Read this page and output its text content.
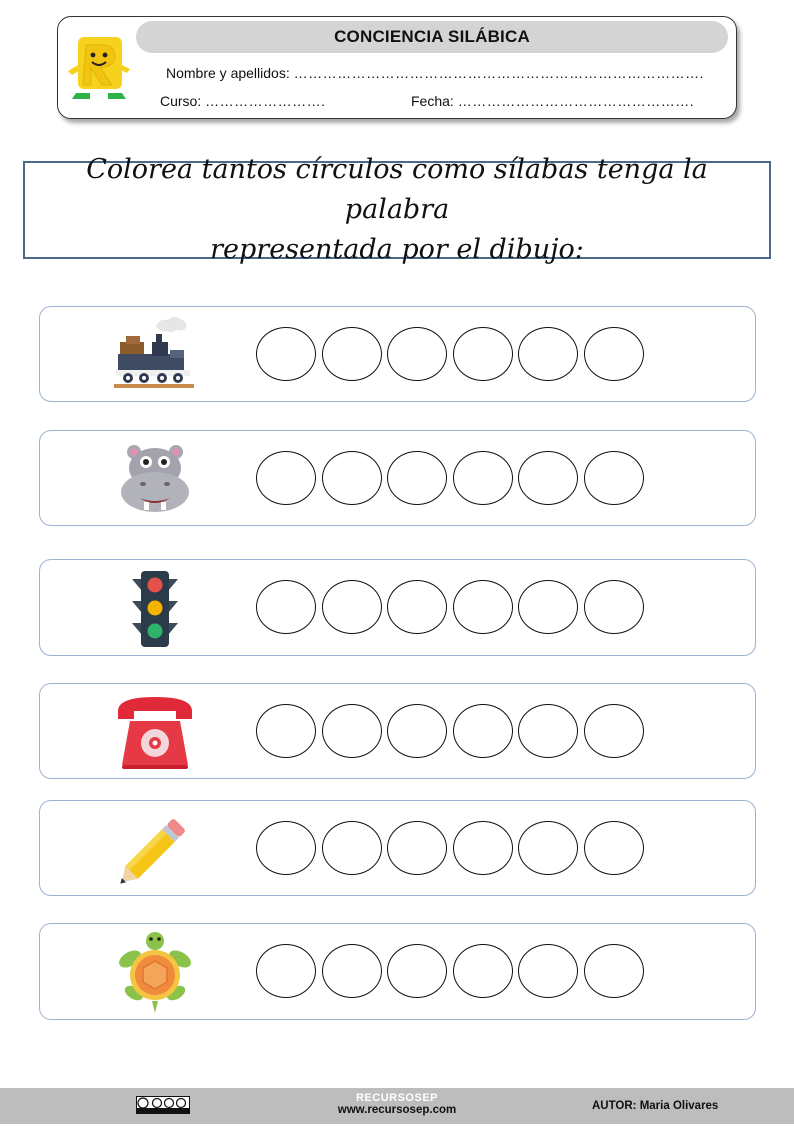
CONCIENCIA SILÁBICA
Nombre y apellidos: ………………………………………………………………………….
Curso: …………………….	Fecha: ………………………………………….
Colorea tantos círculos como sílabas tenga la palabra
representada por el dibujo:
RECURSOSEP
www.recursosep.com	AUTOR: Maria Olivares
